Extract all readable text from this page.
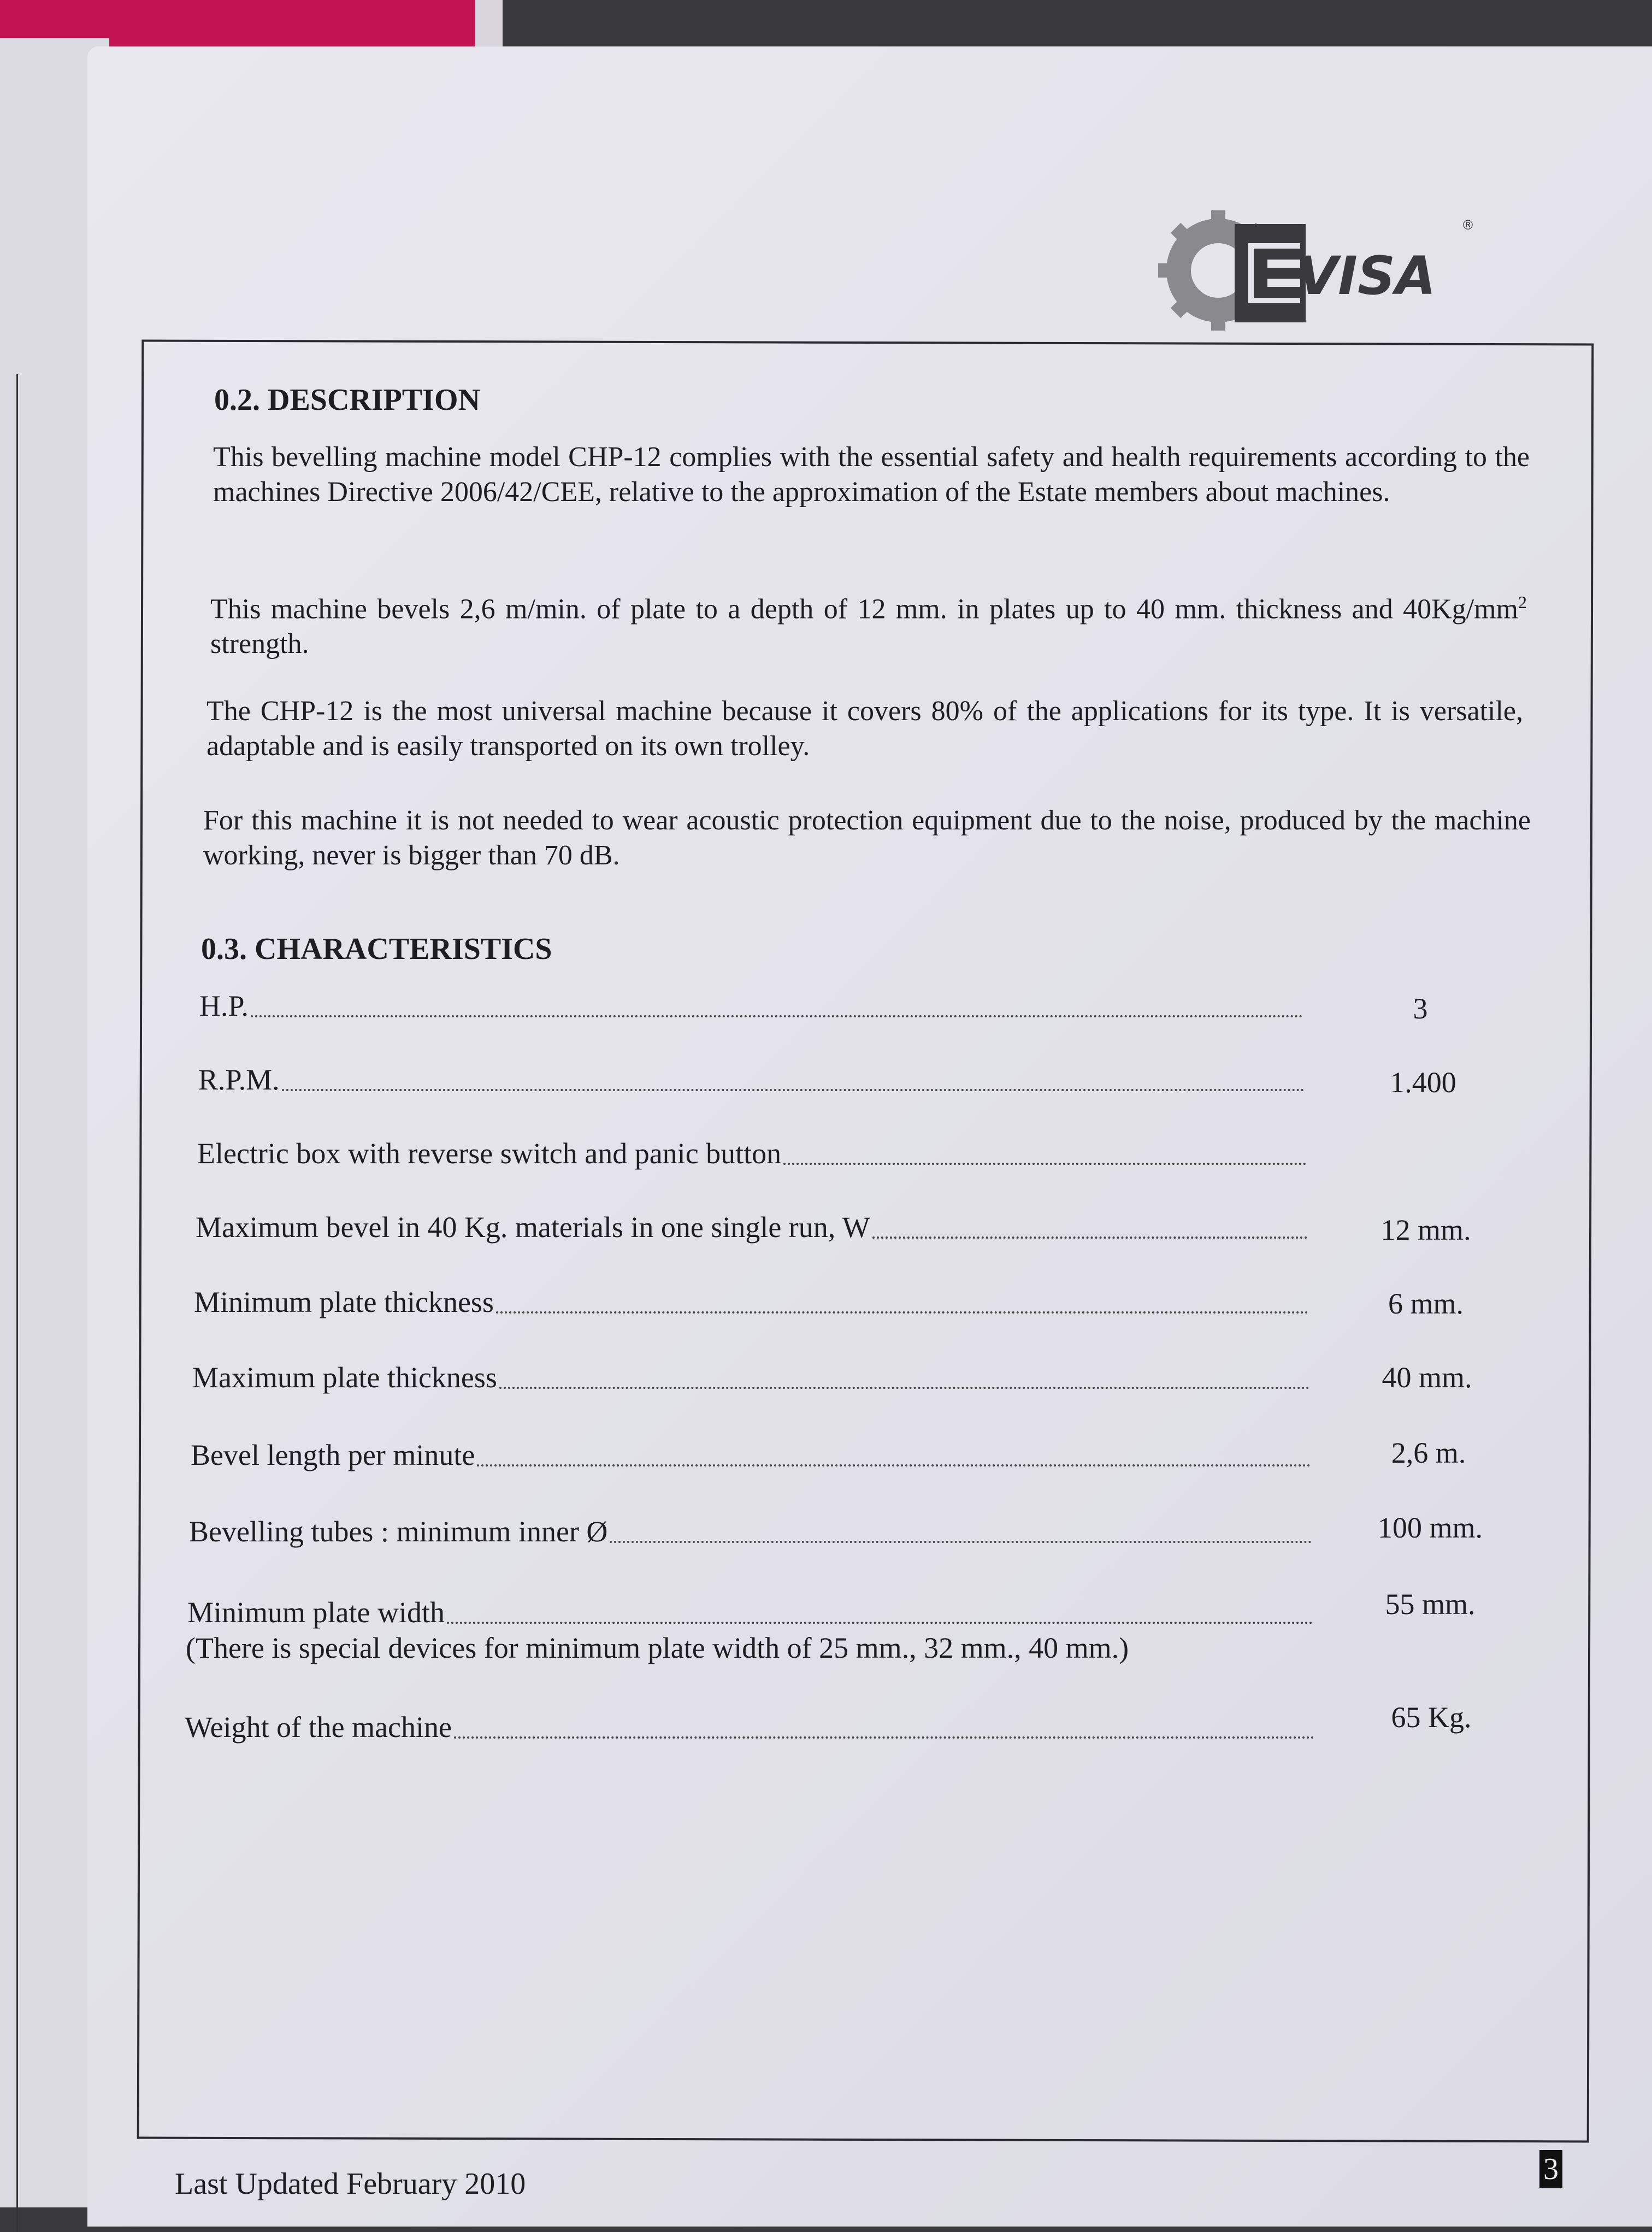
VISA
®
0.2. DESCRIPTION
This bevelling machine model CHP-12 complies with the essential safety and health requirements according to the machines Directive 2006/42/CEE, relative to the approximation of the Estate members about machines.
This machine bevels 2,6 m/min. of plate to a depth of 12 mm. in plates up to 40 mm. thickness and $40Kg/mm^2$ strength.
The CHP-12 is the most universal machine because it covers 80% of the applications for its type. It is versatile, adaptable and is easily transported on its own trolley.
For this machine it is not needed to wear acoustic protection equipment due to the noise, produced by the machine working, never is bigger than 70 dB.
0.3. CHARACTERISTICS
H.P.	3
R.P.M.	1.400
Electric box with reverse switch and panic button
Maximum bevel in 40 Kg. materials in one single run, W	12 mm.
Minimum plate thickness	6 mm.
Maximum plate thickness	40 mm.
Bevel length per minute	2,6 m.
Bevelling tubes : minimum inner Ø	100 mm.
Minimum plate width	55 mm.
(There is special devices for minimum plate width of 25 mm., 32 mm., 40 mm.)
Weight of the machine	65 Kg.
Last Updated February 2010	3
